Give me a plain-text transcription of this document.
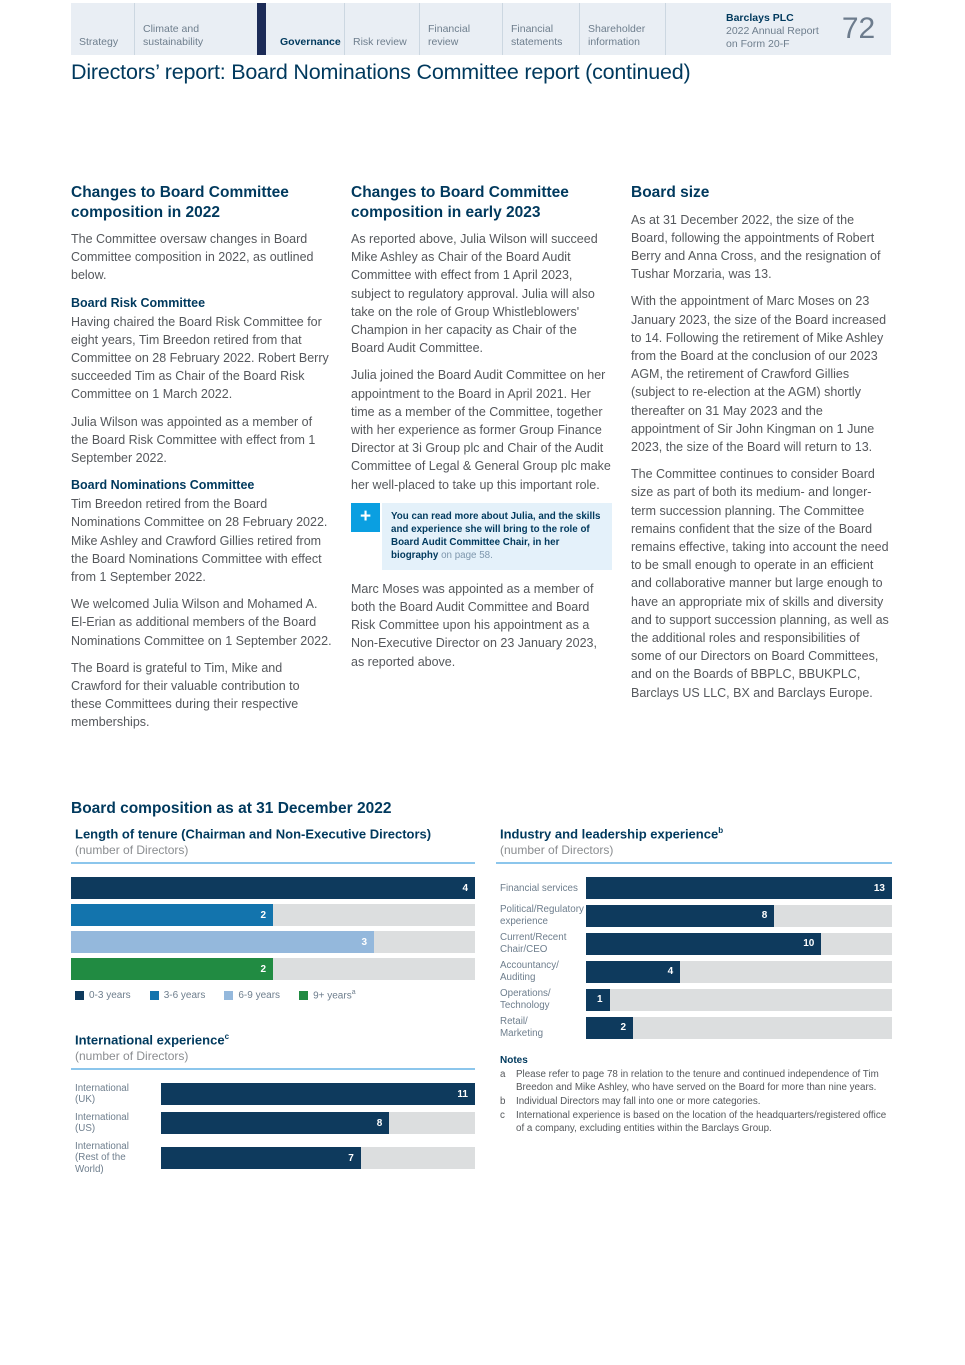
Strategy
Climate and sustainability	Governance Risk review
Financial review
Financial statements
Shareholder information
Barclays PLC
2022 Annual Report
on Form 20-F	72
Directors’ report: Board Nominations Committee report (continued)
Changes to Board Committee composition in 2022

The Committee oversaw changes in Board Committee composition in 2022, as outlined below.

Board Risk Committee

Having chaired the Board Risk Committee for eight years, Tim Breedon retired from that Committee on 28 February 2022. Robert Berry succeeded Tim as Chair of the Board Risk Committee on 1 March 2022.

Julia Wilson was appointed as a member of the Board Risk Committee with effect from 1 September 2022.

Board Nominations Committee

Tim Breedon retired from the Board Nominations Committee on 28 February 2022. Mike Ashley and Crawford Gillies retired from the Board Nominations Committee with effect from 1 September 2022.

We welcomed Julia Wilson and Mohamed A. El-Erian as additional members of the Board Nominations Committee on 1 September 2022.

The Board is grateful to Tim, Mike and Crawford for their valuable contribution to these Committees during their respective memberships.

Changes to Board Committee composition in early 2023

As reported above, Julia Wilson will succeed Mike Ashley as Chair of the Board Audit Committee with effect from 1 April 2023, subject to regulatory approval. Julia will also take on the role of Group Whistleblowers' Champion in her capacity as Chair of the Board Audit Committee.

Julia joined the Board Audit Committee on her appointment to the Board in April 2021. Her time as a member of the Committee, together with her experience as former Group Finance Director at 3i Group plc and Chair of the Audit Committee of Legal & General Group plc make her well-placed to take up this important role.

+	You can read more about Julia, and the skills and experience she will bring to the role of Board Audit Committee Chair, in her biography on page 58.

Marc Moses was appointed as a member of both the Board Audit Committee and Board Risk Committee upon his appointment as a Non-Executive Director on 23 January 2023, as reported above.

Board size

As at 31 December 2022, the size of the Board, following the appointments of Robert Berry and Anna Cross, and the resignation of Tushar Morzaria, was 13.

With the appointment of Marc Moses on 23 January 2023, the size of the Board increased to 14. Following the retirement of Mike Ashley from the Board at the conclusion of our 2023 AGM, the retirement of Crawford Gillies (subject to re-election at the AGM) shortly thereafter on 31 May 2023 and the appointment of Sir John Kingman on 1 June 2023, the size of the Board will return to 13.

The Committee continues to consider Board size as part of both its medium- and longer-term succession planning. The Committee remains confident that the size of the Board remains effective, taking into account the need to be small enough to operate in an efficient and collaborative manner but large enough to have an appropriate mix of skills and diversity and to support succession planning, as well as the additional roles and responsibilities of some of our Directors on Board Committees, and on the Boards of BBPLC, BBUKPLC, Barclays US LLC, BX and Barclays Europe.

Board composition as at 31 December 2022
Length of tenure (Chairman and Non-Executive Directors)
(number of Directors)
4
2
3
2
0-3 years	3-6 years	6-9 years	9+ years$^a$
International experience$^c$
(number of Directors)
International
(UK)	11
International
(US)	8
International
(Rest of the World)
7
Industry and leadership experience$^b$
(number of Directors)
Financial services	13
Political/Regulatory
experience	8
Current/Recent
Chair/CEO	10
Accountancy/
Auditing	4
Operations/
Technology	1
Retail/
Marketing	2
Notes
a	Please refer to page 78 in relation to the tenure and continued independence of Tim Breedon and Mike Ashley, who have served on the Board for more than nine years.
b	Individual Directors may fall into one or more categories.
c	International experience is based on the location of the headquarters/registered office of a company, excluding entities within the Barclays Group.
